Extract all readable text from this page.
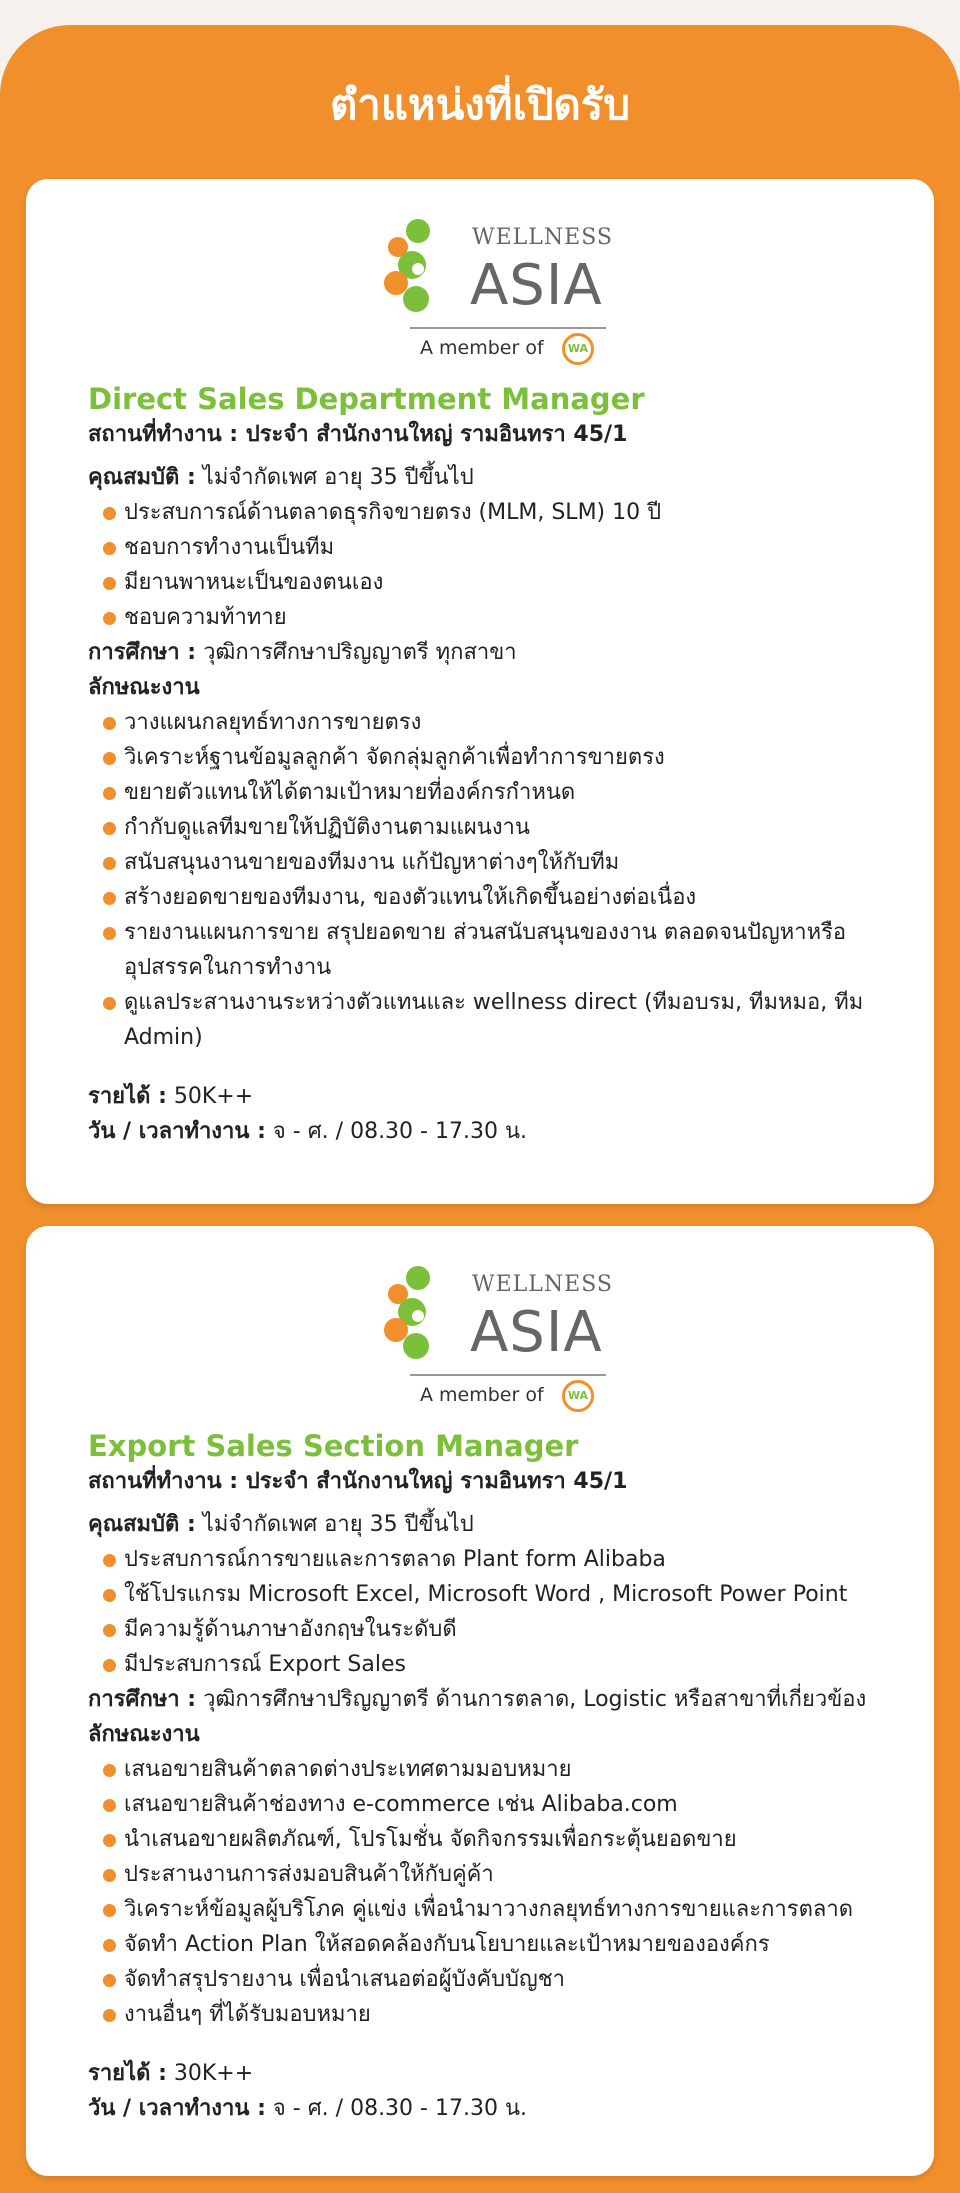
ตำแหน่งที่เปิดรับ
WELLNESS
ASIA
A member of	WA
Direct Sales Department Manager
สถานที่ทำงาน : ประจำ สำนักงานใหญ่ รามอินทรา 45/1
คุณสมบัติ : ไม่จำกัดเพศ อายุ 35 ปีขึ้นไป
ประสบการณ์ด้านตลาดธุรกิจขายตรง (MLM, SLM) 10 ปี
ชอบการทำงานเป็นทีม
มียานพาหนะเป็นของตนเอง
ชอบความท้าทาย
การศึกษา : วุฒิการศึกษาปริญญาตรี ทุกสาขา
ลักษณะงาน
วางแผนกลยุทธ์ทางการขายตรง
วิเคราะห์ฐานข้อมูลลูกค้า จัดกลุ่มลูกค้าเพื่อทำการขายตรง
ขยายตัวแทนให้ได้ตามเป้าหมายที่องค์กรกำหนด
กำกับดูแลทีมขายให้ปฏิบัติงานตามแผนงาน
สนับสนุนงานขายของทีมงาน แก้ปัญหาต่างๆให้กับทีม
สร้างยอดขายของทีมงาน, ของตัวแทนให้เกิดขึ้นอย่างต่อเนื่อง
รายงานแผนการขาย สรุปยอดขาย ส่วนสนับสนุนของงาน ตลอดจนปัญหาหรืออุปสรรคในการทำงาน
ดูแลประสานงานระหว่างตัวแทนและ wellness direct (ทีมอบรม, ทีมหมอ, ทีม Admin)
รายได้ : 50K++
วัน / เวลาทำงาน : จ - ศ. / 08.30 - 17.30 น.
WELLNESS
ASIA
A member of	WA
Export Sales Section Manager
สถานที่ทำงาน : ประจำ สำนักงานใหญ่ รามอินทรา 45/1
คุณสมบัติ : ไม่จำกัดเพศ อายุ 35 ปีขึ้นไป
ประสบการณ์การขายและการตลาด Plant form Alibaba
ใช้โปรแกรม Microsoft Excel, Microsoft Word , Microsoft Power Point
มีความรู้ด้านภาษาอังกฤษในระดับดี
มีประสบการณ์ Export Sales
การศึกษา : วุฒิการศึกษาปริญญาตรี ด้านการตลาด, Logistic หรือสาขาที่เกี่ยวข้อง
ลักษณะงาน
เสนอขายสินค้าตลาดต่างประเทศตามมอบหมาย
เสนอขายสินค้าช่องทาง e-commerce เช่น Alibaba.com
นำเสนอขายผลิตภัณฑ์, โปรโมชั่น จัดกิจกรรมเพื่อกระตุ้นยอดขาย
ประสานงานการส่งมอบสินค้าให้กับคู่ค้า
วิเคราะห์ข้อมูลผู้บริโภค คู่แข่ง เพื่อนำมาวางกลยุทธ์ทางการขายและการตลาด
จัดทำ Action Plan ให้สอดคล้องกับนโยบายและเป้าหมายขององค์กร
จัดทำสรุปรายงาน เพื่อนำเสนอต่อผู้บังคับบัญชา
งานอื่นๆ ที่ได้รับมอบหมาย
รายได้ : 30K++
วัน / เวลาทำงาน : จ - ศ. / 08.30 - 17.30 น.
